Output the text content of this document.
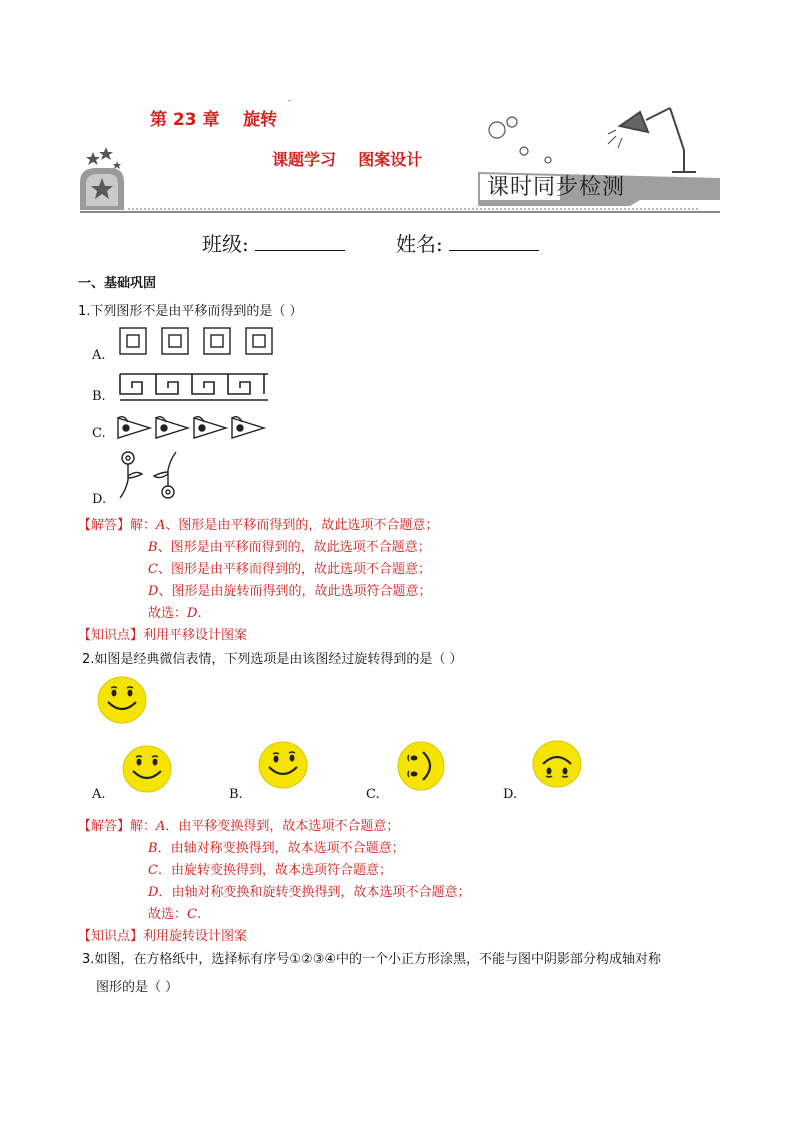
-
第 23 章    旋转
课题学习    图案设计
课时同步检测
班级:	姓名:
一、基础巩固
1.下列图形不是由平移而得到的是（ ）
A.
B.
C.
D.
【解答】解：A、图形是由平移而得到的，故此选项不合题意；
B、图形是由平移而得到的，故此选项不合题意；
C、图形是由平移而得到的，故此选项不合题意；
D、图形是由旋转而得到的，故此选项符合题意；
故选：D.
【知识点】利用平移设计图案
2.如图是经典微信表情，下列选项是由该图经过旋转得到的是（ ）
A.	B.	C.	D.
【解答】解：A．由平移变换得到，故本选项不合题意；
B．由轴对称变换得到，故本选项不合题意；
C．由旋转变换得到，故本选项符合题意；
D．由轴对称变换和旋转变换得到，故本选项不合题意；
故选：C.
【知识点】利用旋转设计图案
3.如图，在方格纸中，选择标有序号①②③④中的一个小正方形涂黑，不能与图中阴影部分构成轴对称
图形的是（ ）
